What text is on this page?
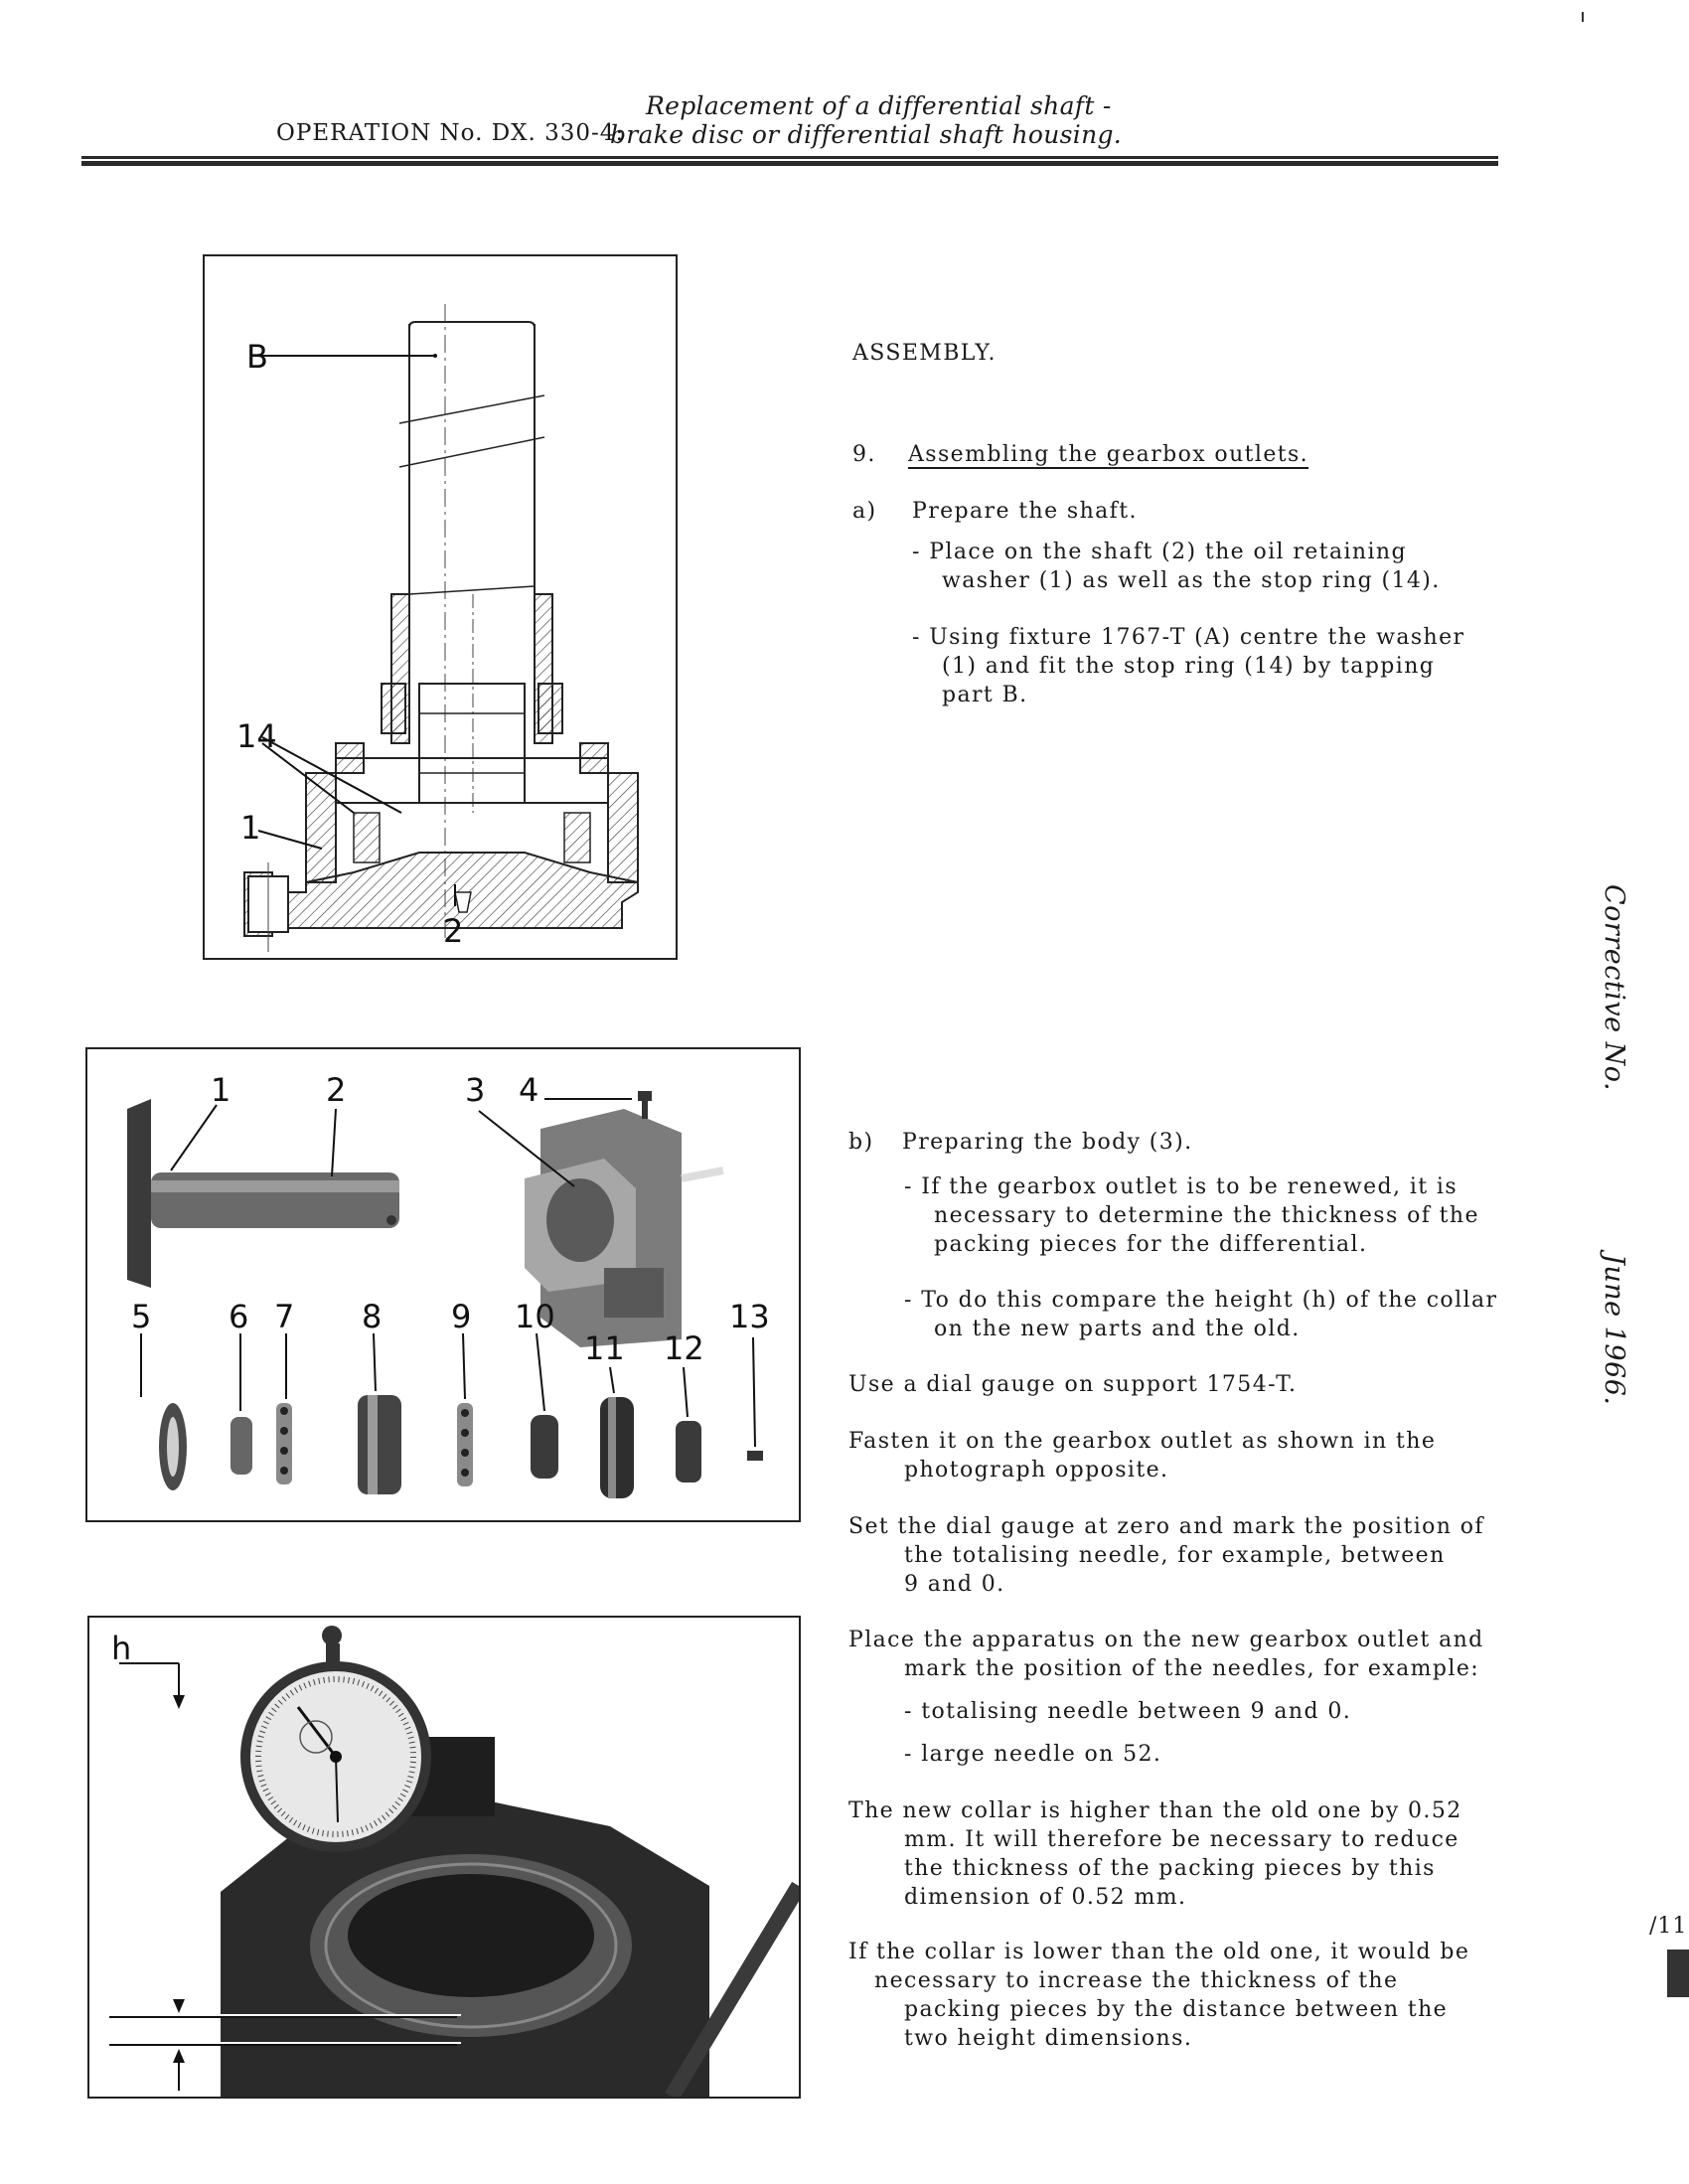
Replacement of a differential shaft -
OPERATION No. DX. 330-4:
brake disc or differential shaft housing.
B
14
1
2
1	2	3 4
5 6 7 8 9 10
11 12
13
h
ASSEMBLY.
9. Assembling the gearbox outlets.
a) Prepare the shaft.
- Place on the shaft (2) the oil retaining
washer (1) as well as the stop ring (14).
- Using fixture 1767-T (A) centre the washer
(1) and fit the stop ring (14) by tapping
part B.
b) Preparing the body (3).
- If the gearbox outlet is to be renewed, it is
necessary to determine the thickness of the
packing pieces for the differential.
- To do this compare the height (h) of the collar
on the new parts and the old.
Use a dial gauge on support 1754-T.
Fasten it on the gearbox outlet as shown in the
photograph opposite.
Set the dial gauge at zero and mark the position of
the totalising needle, for example, between
9 and 0.
Place the apparatus on the new gearbox outlet and
mark the position of the needles, for example:
- totalising needle between 9 and 0.
- large needle on 52.
The new collar is higher than the old one by 0.52
mm. It will therefore be necessary to reduce
the thickness of the packing pieces by this
dimension of 0.52 mm.
If the collar is lower than the old one, it would be
necessary to increase the thickness of the
packing pieces by the distance between the
two height dimensions.
Corrective No.
June 1966.
/11
